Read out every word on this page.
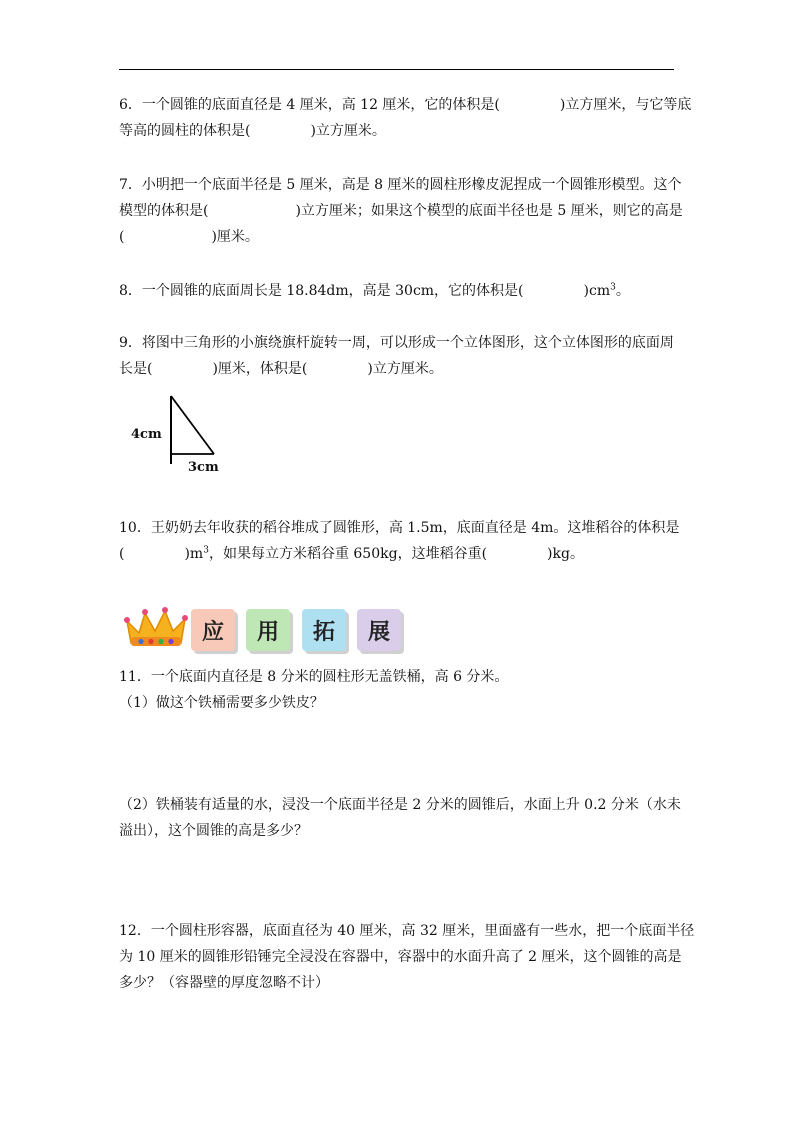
6．一个圆锥的底面直径是 4 厘米，高 12 厘米，它的体积是(	)立方厘米，与它等底

等高的圆柱的体积是(	)立方厘米。

7．小明把一个底面半径是 5 厘米，高是 8 厘米的圆柱形橡皮泥捏成一个圆锥形模型。这个

模型的体积是(	)立方厘米；如果这个模型的底面半径也是 5 厘米，则它的高是

(	)厘米。

8．一个圆锥的底面周长是 18.84dm，高是 30cm，它的体积是(	)$cm^3$。

9．将图中三角形的小旗绕旗杆旋转一周，可以形成一个立体图形，这个立体图形的底面周

长是(	)厘米，体积是(	)立方厘米。

4cm
3cm

10．王奶奶去年收获的稻谷堆成了圆锥形，高 1.5m，底面直径是 4m。这堆稻谷的体积是

(	)$m^3$，如果每立方米稻谷重 650kg，这堆稻谷重(	)kg。

应	用	拓	展

11．一个底面内直径是 8 分米的圆柱形无盖铁桶，高 6 分米。

（1）做这个铁桶需要多少铁皮？

（2）铁桶装有适量的水，浸没一个底面半径是 2 分米的圆锥后，水面上升 0.2 分米（水未

溢出），这个圆锥的高是多少？

12．一个圆柱形容器，底面直径为 40 厘米，高 32 厘米，里面盛有一些水，把一个底面半径

为 10 厘米的圆锥形铅锤完全浸没在容器中，容器中的水面升高了 2 厘米，这个圆锥的高是

多少？（容器壁的厚度忽略不计）
